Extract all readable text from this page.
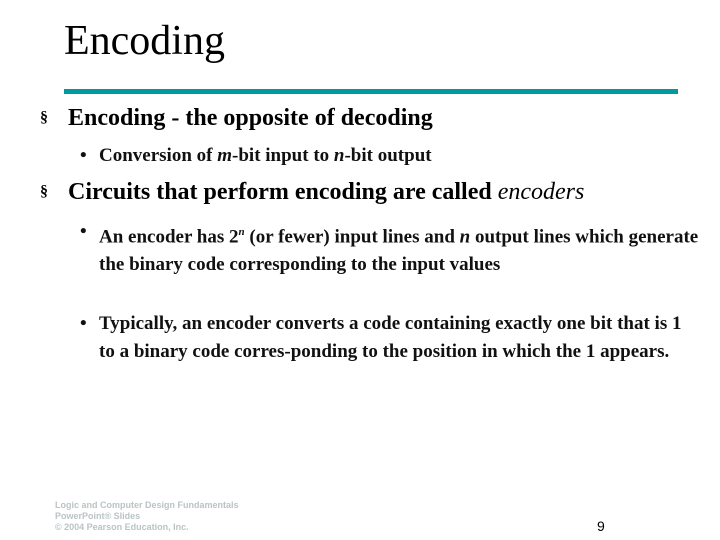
Encoding
§ Encoding - the opposite of decoding
• Conversion of m-bit input to n-bit output
§ Circuits that perform encoding are called encoders
• An encoder has 2$^n$ (or fewer) input lines and n output lines which generate the binary code corresponding to the input values
• Typically, an encoder converts a code containing exactly one bit that is 1 to a binary code corres-ponding to the position in which the 1 appears.
Logic and Computer Design Fundamentals
PowerPoint® Slides
© 2004 Pearson Education, Inc.	9
